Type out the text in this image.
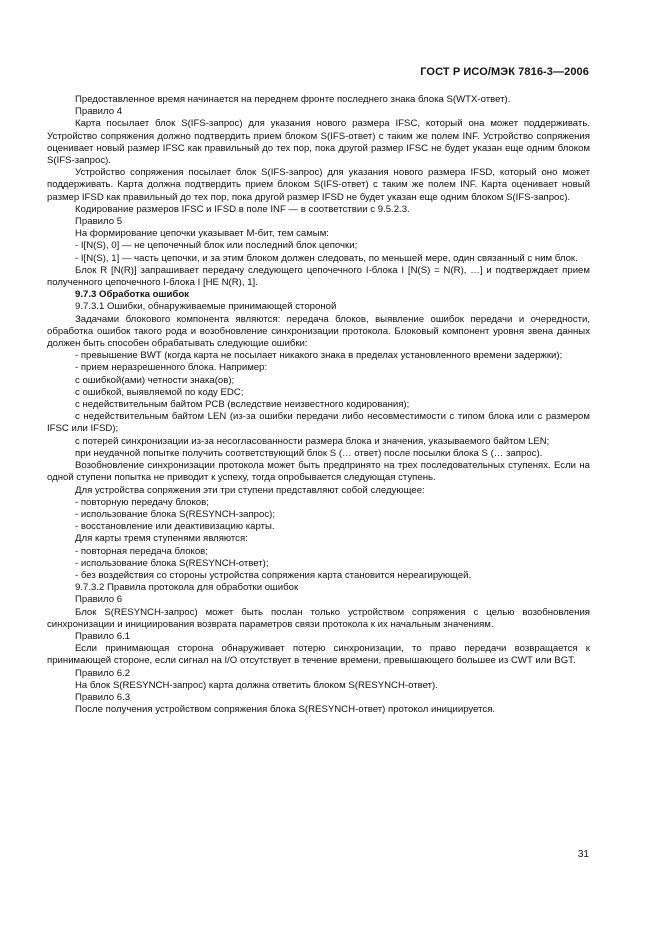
ГОСТ Р ИСО/МЭК 7816-3—2006

Предоставленное время начинается на переднем фронте последнего знака блока S(WTX-ответ).

Правило 4

Карта посылает блок S(IFS-запрос) для указания нового размера IFSC, который она может поддерживать. Устройство сопряжения должно подтвердить прием блоком S(IFS-ответ) с таким же полем INF. Устройство сопряжения оценивает новый размер IFSC как правильный до тех пор, пока другой размер IFSC не будет указан еще одним блоком S(IFS-запрос).

Устройство сопряжения посылает блок S(IFS-запрос) для указания нового размера IFSD, который оно может поддерживать. Карта должна подтвердить прием блоком S(IFS-ответ) с таким же полем INF. Карта оценивает новый размер IFSD как правильный до тех пор, пока другой размер IFSD не будет указан еще одним блоком S(IFS-запрос).

Кодирование размеров IFSC и IFSD в поле INF — в соответствии с 9.5.2.3.

Правило 5

На формирование цепочки указывает М-бит, тем самым:

- I[N(S), 0] — не цепочечный блок или последний блок цепочки;

- I[N(S), 1] — часть цепочки, и за этим блоком должен следовать, по меньшей мере, один связанный с ним блок.

Блок R [N(R)] запрашивает передачу следующего цепочечного I-блока I [N(S) = N(R), …] и подтверждает прием полученного цепочечного I-блока I [НЕ N(R), 1].

9.7.3 Обработка ошибок

9.7.3.1 Ошибки, обнаруживаемые принимающей стороной

Задачами блокового компонента являются: передача блоков, выявление ошибок передачи и очередности, обработка ошибок такого рода и возобновление синхронизации протокола. Блоковый компонент уровня звена данных должен быть способен обрабатывать следующие ошибки:

- превышение BWT (когда карта не посылает никакого знака в пределах установленного времени задержки);

- прием неразрешенного блока. Например:

с ошибкой(ами) четности знака(ов);

с ошибкой, выявляемой по коду EDC;

с недействительным байтом PCB (вследствие неизвестного кодирования);

с недействительным байтом LEN (из-за ошибки передачи либо несовместимости с типом блока или с размером IFSC или IFSD);

с потерей синхронизации из-за несогласованности размера блока и значения, указываемого байтом LEN;

при неудачной попытке получить соответствующий блок S (… ответ) после посылки блока S (… запрос).

Возобновление синхронизации протокола может быть предпринято на трех последовательных ступенях. Если на одной ступени попытка не приводит к успеху, тогда опробывается следующая ступень.

Для устройства сопряжения эти три ступени представляют собой следующее:

- повторную передачу блоков;

- использование блока S(RESYNCH-запрос);

- восстановление или деактивизацию карты.

Для карты тремя ступенями являются:

- повторная передача блоков;

- использование блока S(RESYNCH-ответ);

- без воздействия со стороны устройства сопряжения карта становится нереагирующей.

9.7.3.2 Правила протокола для обработки ошибок

Правило 6

Блок S(RESYNCH-запрос) может быть послан только устройством сопряжения с целью возобновления синхронизации и инициирования возврата параметров связи протокола к их начальным значениям.

Правило 6.1

Если принимающая сторона обнаруживает потерю синхронизации, то право передачи возвращается к принимающей стороне, если сигнал на I/O отсутствует в течение времени, превышающего большее из CWT или BGT.

Правило 6.2

На блок S(RESYNCH-запрос) карта должна ответить блоком S(RESYNCH-ответ).

Правило 6.3

После получения устройством сопряжения блока S(RESYNCH-ответ) протокол инициируется.

31
